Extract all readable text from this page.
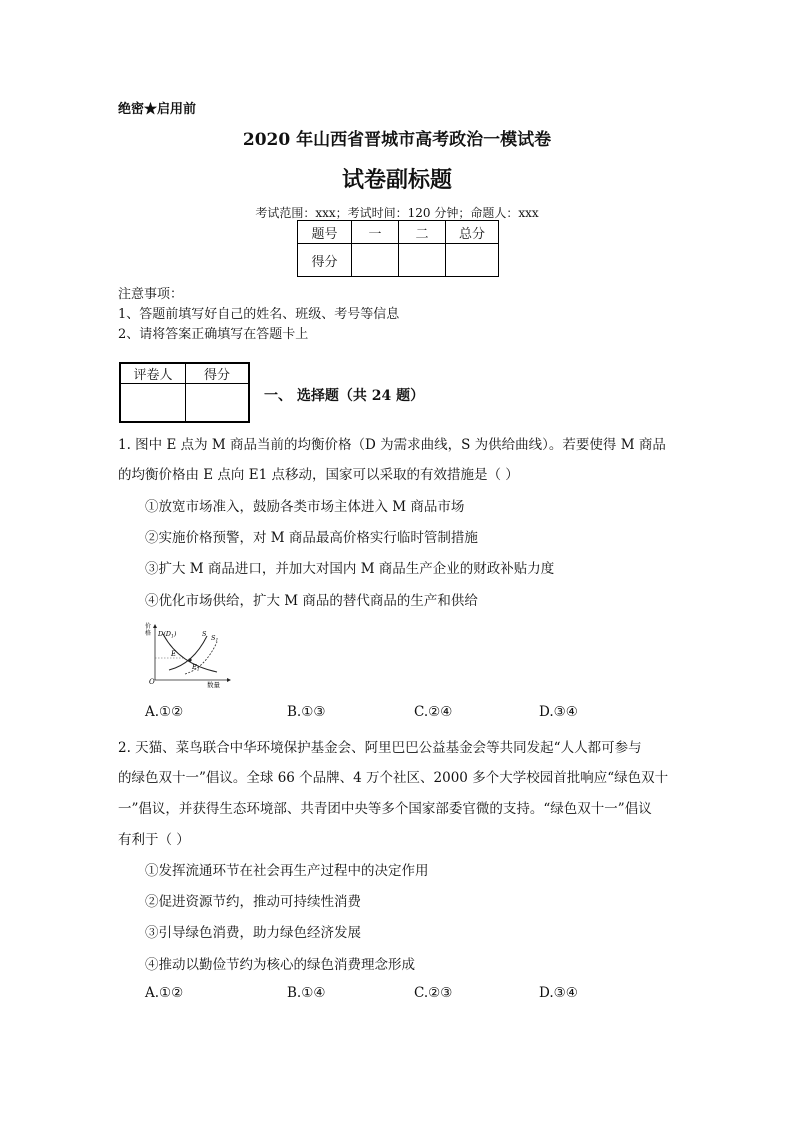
绝密★启用前
2020 年山西省晋城市高考政治一模试卷
试卷副标题
考试范围：xxx；考试时间：120 分钟；命题人：xxx
题号	一	二	总分
得分			
注意事项：
1、答题前填写好自己的姓名、班级、考号等信息
2、请将答案正确填写在答题卡上
评卷人	得分

一、 选择题（共 24 题）
1. 图中 E 点为 M 商品当前的均衡价格（D 为需求曲线，S 为供给曲线）。若要使得 M 商品
的均衡价格由 E 点向 E1 点移动，国家可以采取的有效措施是（ ）
①放宽市场准入，鼓励各类市场主体进入 M 商品市场
②实施价格预警，对 M 商品最高价格实行临时管制措施
③扩大 M 商品进口，并加大对国内 M 商品生产企业的财政补贴力度
④优化市场供给，扩大 M 商品的替代商品的生产和供给
价格
数量
O
$D(D_1)$	S $S_1$
E
$E_1$
A.①②	B.①③	C.②④	D.③④
2. 天猫、菜鸟联合中华环境保护基金会、阿里巴巴公益基金会等共同发起“人人都可参与
的绿色双十一”倡议。全球 66 个品牌、4 万个社区、2000 多个大学校园首批响应“绿色双十
一”倡议，并获得生态环境部、共青团中央等多个国家部委官微的支持。“绿色双十一”倡议
有利于（ ）
①发挥流通环节在社会再生产过程中的决定作用
②促进资源节约，推动可持续性消费
③引导绿色消费，助力绿色经济发展
④推动以勤俭节约为核心的绿色消费理念形成
A.①②	B.①④	C.②③	D.③④
